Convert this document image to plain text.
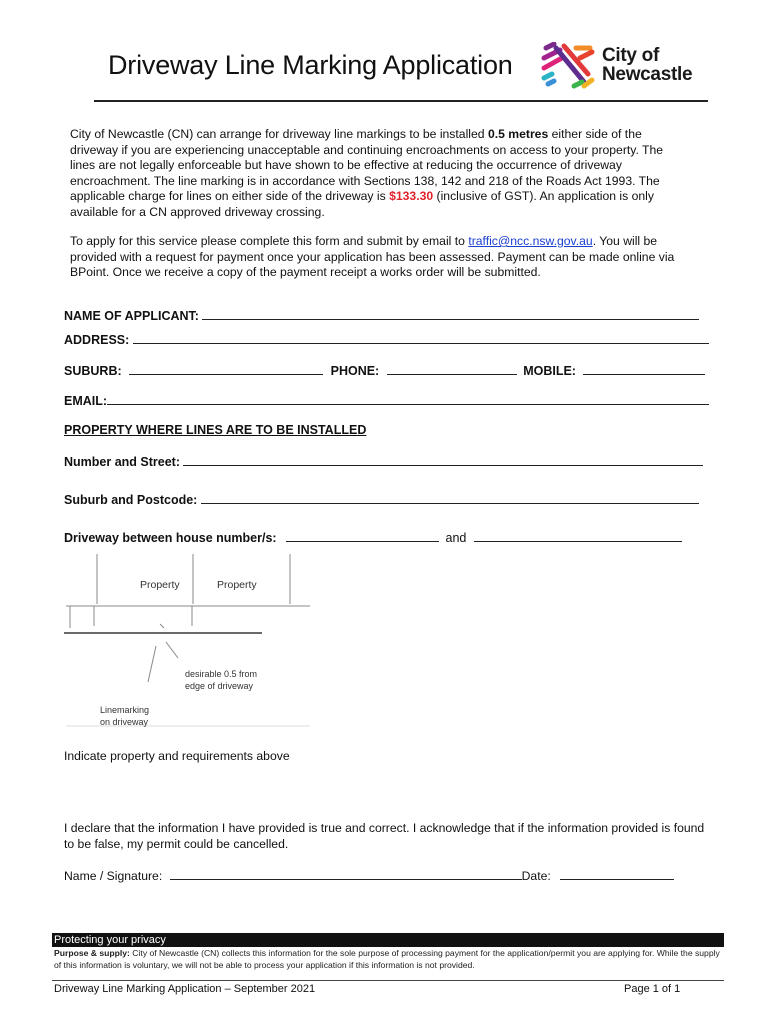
Driveway Line Marking Application	City of
Newcastle
City of Newcastle (CN) can arrange for driveway line markings to be installed 0.5 metres either side of the driveway if you are experiencing unacceptable and continuing encroachments on access to your property. The lines are not legally enforceable but have shown to be effective at reducing the occurrence of driveway encroachment. The line marking is in accordance with Sections 138, 142 and 218 of the Roads Act 1993. The applicable charge for lines on either side of the driveway is $133.30 (inclusive of GST). An application is only available for a CN approved driveway crossing.
To apply for this service please complete this form and submit by email to traffic@ncc.nsw.gov.au. You will be provided with a request for payment once your application has been assessed. Payment can be made online via BPoint. Once we receive a copy of the payment receipt a works order will be submitted.
NAME OF APPLICANT:
ADDRESS:
SUBURB:	PHONE:	MOBILE:
EMAIL:
PROPERTY WHERE LINES ARE TO BE INSTALLED
Number and Street:
Suburb and Postcode:
Driveway between house number/s:	and
Property	Property
desirable 0.5 from
edge of driveway
Linemarking
on driveway
Indicate property and requirements above
I declare that the information I have provided is true and correct. I acknowledge that if the information provided is found to be false, my permit could be cancelled.
Name / Signature:	Date:
Protecting your privacy
Purpose & supply: City of Newcastle (CN) collects this information for the sole purpose of processing payment for the application/permit you are applying for. While the supply of this information is voluntary, we will not be able to process your application if this information is not provided.
Driveway Line Marking Application – September 2021	Page 1 of 1
